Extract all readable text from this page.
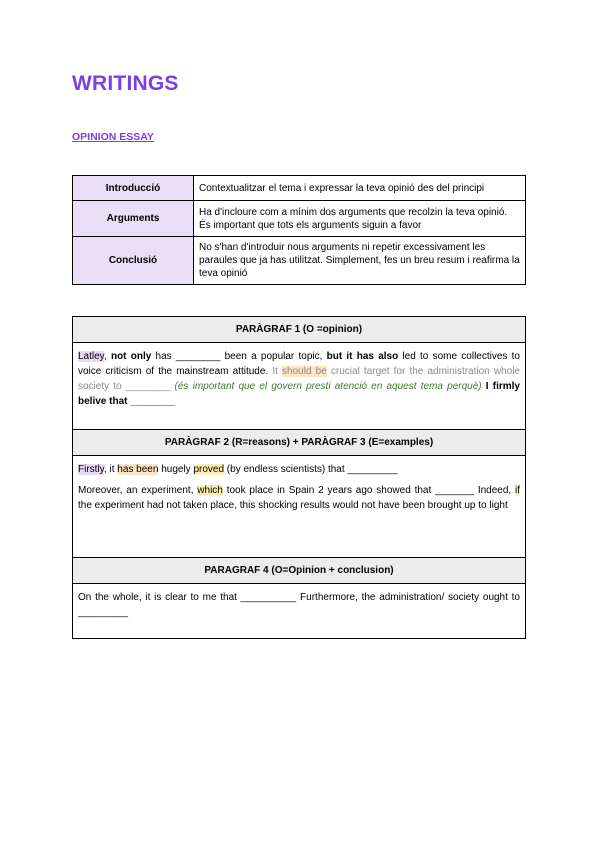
WRITINGS
OPINION ESSAY
Introducció	Contextualitzar el tema i expressar la teva opinió des del principi
Arguments	Ha d'incloure com a mínim dos arguments que recolzin la teva opinió. És important que tots els arguments siguin a favor
Conclusió	No s'han d'introduir nous arguments ni repetir excessivament les paraules que ja has utilitzat. Simplement, fes un breu resum i reafirma la teva opinió
PARÀGRAF 1 (O =opinion)
Latley, not only has ________ been a popular topic, but it has also led to some collectives to voice criticism of the mainstream attitude. It should be crucial target for the administration whole society to ________ (és important que el govern presti atenció en aquest tema perquè) I firmly belive that ________
PARÀGRAF 2 (R=reasons) + PARÀGRAF 3 (E=examples)
Firstly, it has been hugely proved (by endless scientists) that _________
Moreover, an experiment, which took place in Spain 2 years ago showed that _______ Indeed, if the experiment had not taken place, this shocking results would not have been brought up to light
PARAGRAF 4 (O=Opinion + conclusion)
On the whole, it is clear to me that __________ Furthermore, the administration/ society ought to _________
